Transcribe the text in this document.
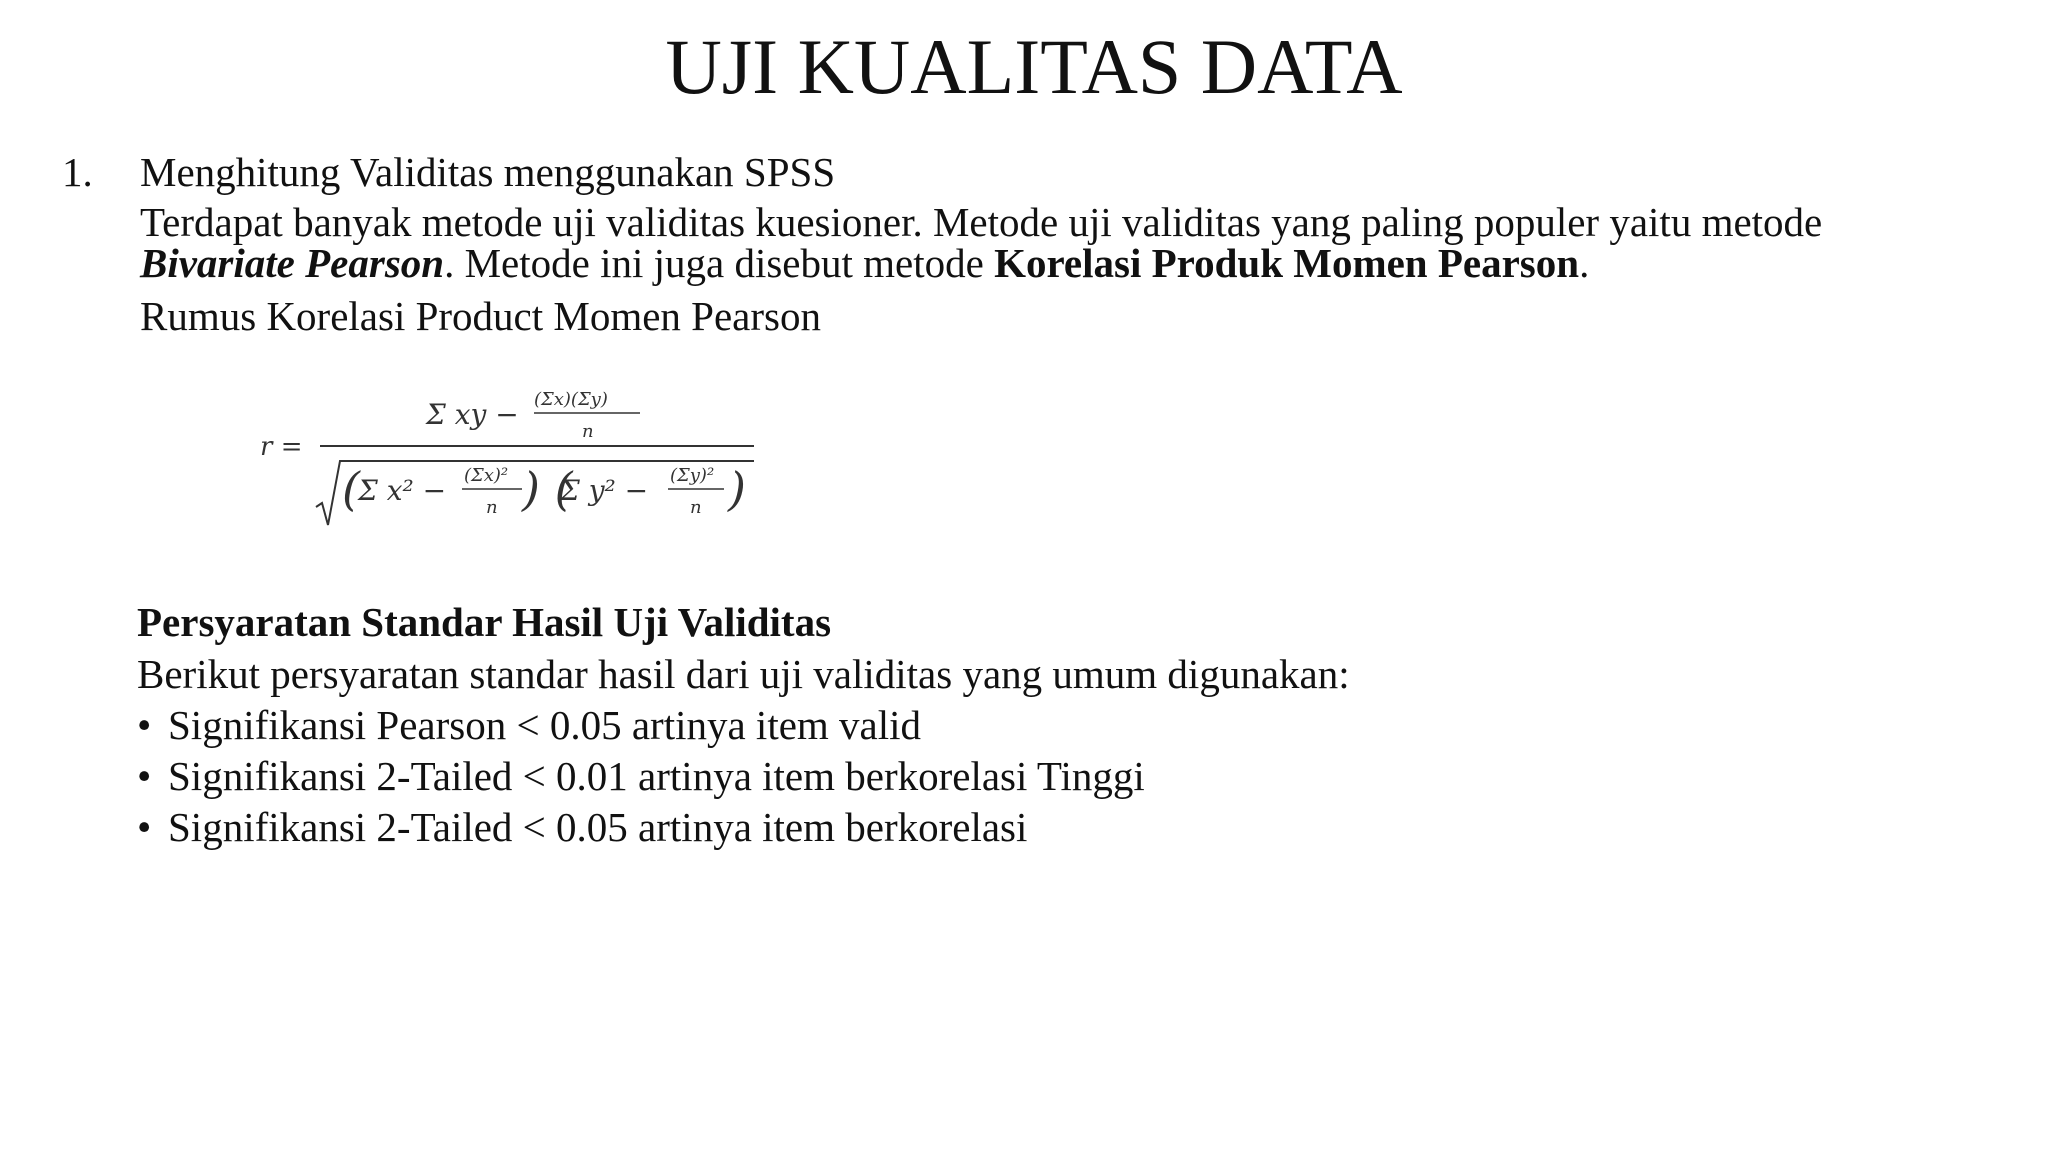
UJI KUALITAS DATA
1. Menghitung Validitas menggunakan SPSS
Terdapat banyak metode uji validitas kuesioner. Metode uji validitas yang paling populer yaitu metode Bivariate Pearson. Metode ini juga disebut metode Korelasi Produk Momen Pearson.
Rumus Korelasi Product Momen Pearson
r =
Σ xy − (Σx)(Σy)
n
(
Σ x² − (Σx)²
n ) (
Σ y² − (Σy)²
n )
Persyaratan Standar Hasil Uji Validitas
Berikut persyaratan standar hasil dari uji validitas yang umum digunakan:
• Signifikansi Pearson < 0.05 artinya item valid
• Signifikansi 2-Tailed < 0.01 artinya item berkorelasi Tinggi
• Signifikansi 2-Tailed < 0.05 artinya item berkorelasi
